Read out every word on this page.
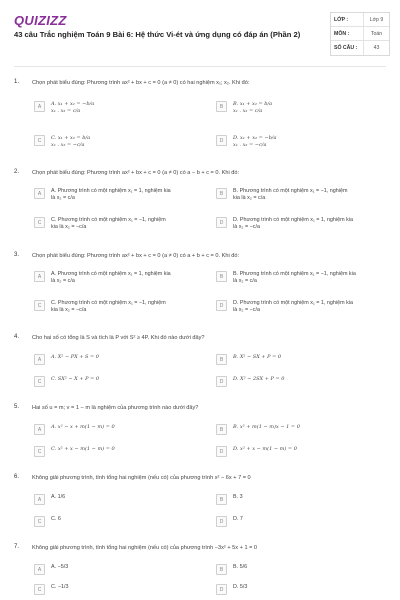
QUIZIZZ
43 câu Trắc nghiệm Toán 9 Bài 6: Hệ thức Vi-ét và ứng dụng có đáp án (Phần 2)
LỚP :	Lớp 9
MÔN :	Toán
SỐ CÂU :	43
1. Chọn phát biểu đúng: Phương trình ax² + bx + c = 0 (a ≠ 0) có hai nghiệm x₁; x₂. Khi đó:
A	A. x₁ + x₂ = −b/a
x₁ . x₂ = c/a
B	B. x₁ + x₂ = b/a
x₁ . x₂ = c/a
C	C. x₁ + x₂ = b/a
x₁ . x₂ = −c/a
D	D. x₁ + x₂ = −b/a
x₁ . x₂ = −c/a
2. Chọn phát biểu đúng: Phương trình ax² + bx + c = 0 (a ≠ 0) có a − b + c = 0. Khi đó:
A	A. Phương trình có một nghiệm x₁ = 1, nghiệm kia
là x₂ = c/a
B	B. Phương trình có một nghiệm x₁ = −1, nghiệm
kia là x₂ = c/a
C	C. Phương trình có một nghiệm x₁ = −1, nghiệm
kia là x₂ = −c/a
D	D. Phương trình có một nghiệm x₁ = 1, nghiệm kia
là x₂ = −c/a
3. Chọn phát biểu đúng: Phương trình ax² + bx + c = 0 (a ≠ 0) có a + b + c = 0. Khi đó:
A	A. Phương trình có một nghiệm x₁ = 1, nghiệm kia
là x₂ = c/a
B	B. Phương trình có một nghiệm x₁ = −1, nghiệm kia
là x₂ = c/a
C	C. Phương trình có một nghiệm x₁ = −1, nghiệm
kia là x₂ = −c/a
D	D. Phương trình có một nghiệm x₁ = 1, nghiệm kia
là x₂ = −c/a
4. Cho hai số có tổng là S và tích là P với S² ≥ 4P. Khi đó nào dưới đây?
A	A. X² − PX + S = 0	B	B. X² − SX + P = 0
C	C. SX² − X + P = 0	D	D. X² − 2SX + P = 0
5. Hai số u = m; v = 1 − m là nghiệm của phương trình nào dưới đây?
A	A. x² − x + m(1 − m) = 0	B	B. x² + m(1 − m)x − 1 = 0
C	C. x² + x − m(1 − m) = 0	D	D. x² + x − m(1 − m) = 0
6. Không giải phương trình, tính tổng hai nghiệm (nếu có) của phương trình x² − 6x + 7 = 0
A	A. 1/6	B	B. 3
C	C. 6	D	D. 7
7. Không giải phương trình, tính tổng hai nghiệm (nếu có) của phương trình −3x² + 5x + 1 = 0
A	A. −5/3	B	B. 5/6
C	C. −1/3	D	D. 5/3
